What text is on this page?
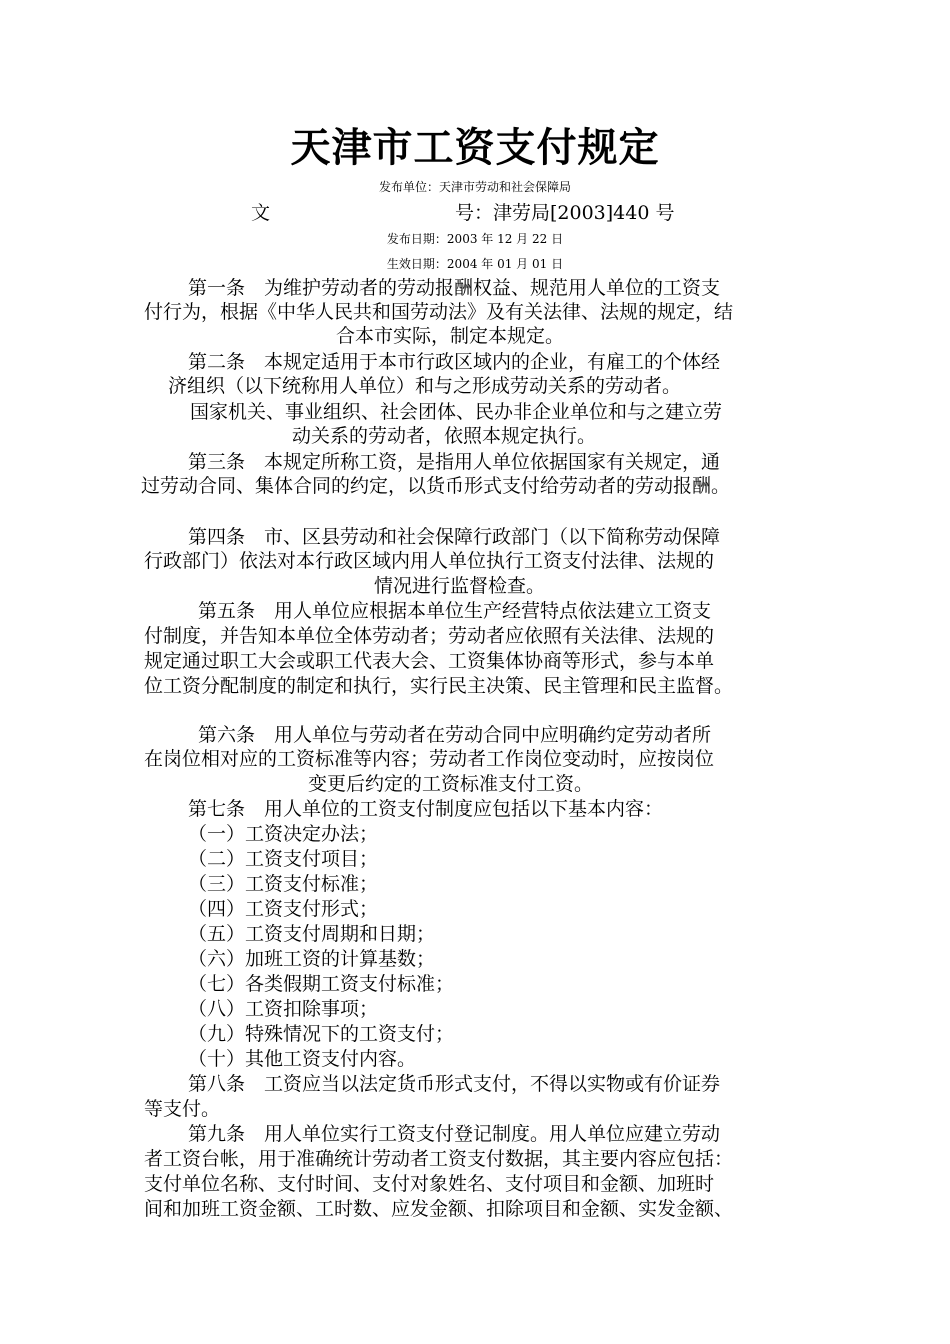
天津市工资支付规定
发布单位：天津市劳动和社会保障局
文	号：津劳局[2003]440 号
发布日期：2003 年 12 月 22 日
生效日期：2004 年 01 月 01 日
第一条　为维护劳动者的劳动报酬权益、规范用人单位的工资支
付行为，根据《中华人民共和国劳动法》及有关法律、法规的规定，结
合本市实际，制定本规定。
第二条　本规定适用于本市行政区域内的企业，有雇工的个体经
济组织（以下统称用人单位）和与之形成劳动关系的劳动者。
国家机关、事业组织、社会团体、民办非企业单位和与之建立劳
动关系的劳动者，依照本规定执行。
第三条　本规定所称工资，是指用人单位依据国家有关规定，通
过劳动合同、集体合同的约定，以货币形式支付给劳动者的劳动报酬。
第四条　市、区县劳动和社会保障行政部门（以下简称劳动保障
行政部门）依法对本行政区域内用人单位执行工资支付法律、法规的
情况进行监督检查。
第五条　用人单位应根据本单位生产经营特点依法建立工资支
付制度，并告知本单位全体劳动者；劳动者应依照有关法律、法规的
规定通过职工大会或职工代表大会、工资集体协商等形式，参与本单
位工资分配制度的制定和执行，实行民主决策、民主管理和民主监督。
第六条　用人单位与劳动者在劳动合同中应明确约定劳动者所
在岗位相对应的工资标准等内容；劳动者工作岗位变动时，应按岗位
变更后约定的工资标准支付工资。
第七条　用人单位的工资支付制度应包括以下基本内容：
（一）工资决定办法；
（二）工资支付项目；
（三）工资支付标准；
（四）工资支付形式；
（五）工资支付周期和日期；
（六）加班工资的计算基数；
（七）各类假期工资支付标准；
（八）工资扣除事项；
（九）特殊情况下的工资支付；
（十）其他工资支付内容。
第八条　工资应当以法定货币形式支付，不得以实物或有价证券
等支付。
第九条　用人单位实行工资支付登记制度。用人单位应建立劳动
者工资台帐，用于准确统计劳动者工资支付数据，其主要内容应包括：
支付单位名称、支付时间、支付对象姓名、支付项目和金额、加班时
间和加班工资金额、工时数、应发金额、扣除项目和金额、实发金额、
